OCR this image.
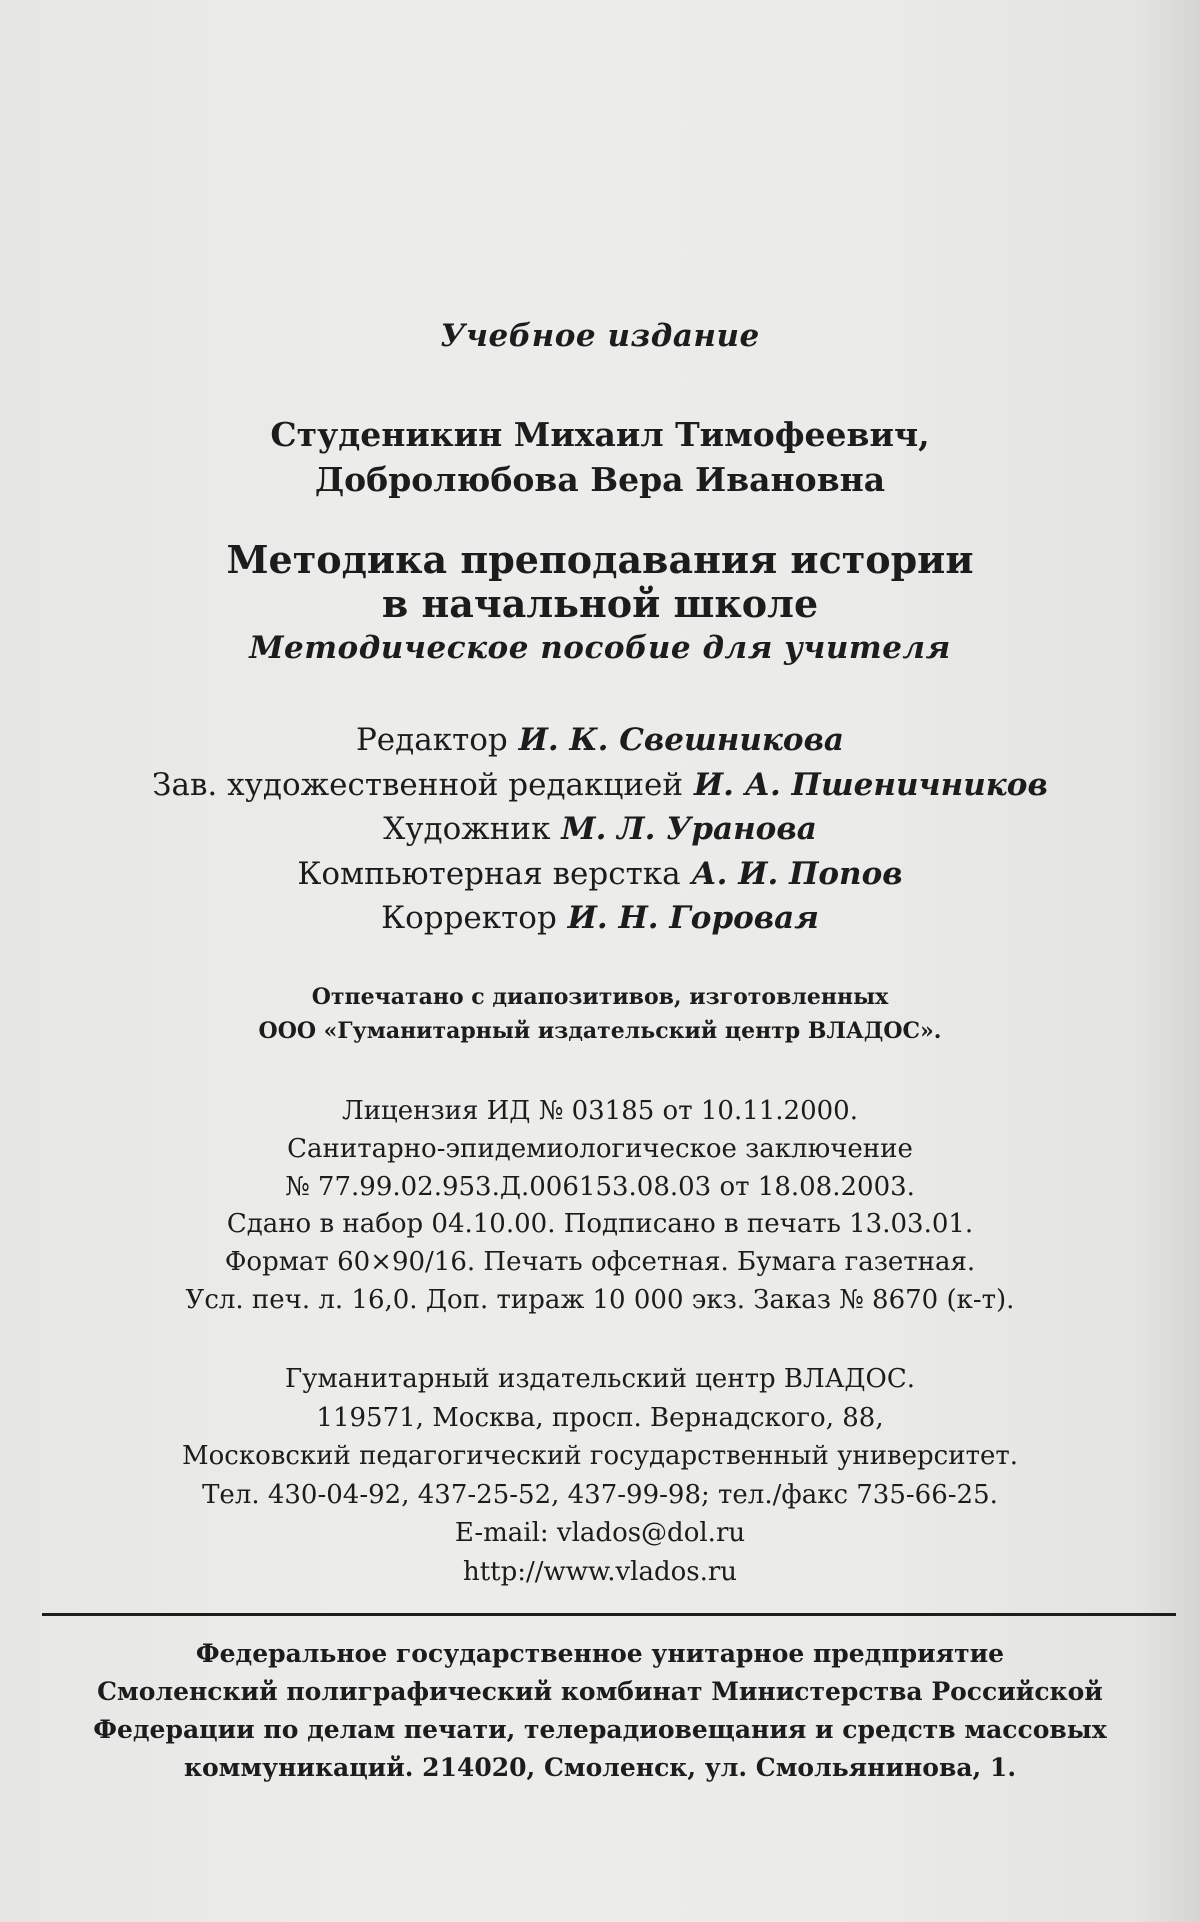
Учебное издание
Студеникин Михаил Тимофеевич,
Добролюбова Вера Ивановна
Методика преподавания истории
в начальной школе
Методическое пособие для учителя
Редактор И. К. Свешникова
Зав. художественной редакцией И. А. Пшеничников
Художник М. Л. Уранова
Компьютерная верстка А. И. Попов
Корректор И. Н. Горовая
Отпечатано с диапозитивов, изготовленных
ООО «Гуманитарный издательский центр ВЛАДОС».
Лицензия ИД № 03185 от 10.11.2000.
Санитарно-эпидемиологическое заключение
№ 77.99.02.953.Д.006153.08.03 от 18.08.2003.
Сдано в набор 04.10.00. Подписано в печать 13.03.01.
Формат 60×90/16. Печать офсетная. Бумага газетная.
Усл. печ. л. 16,0. Доп. тираж 10 000 экз. Заказ № 8670 (к-т).
Гуманитарный издательский центр ВЛАДОС.
119571, Москва, просп. Вернадского, 88,
Московский педагогический государственный университет.
Тел. 430-04-92, 437-25-52, 437-99-98; тел./факс 735-66-25.
E-mail: vlados@dol.ru
http://www.vlados.ru
Федеральное государственное унитарное предприятие
Смоленский полиграфический комбинат Министерства Российской
Федерации по делам печати, телерадиовещания и средств массовых
коммуникаций. 214020, Смоленск, ул. Смольянинова, 1.
